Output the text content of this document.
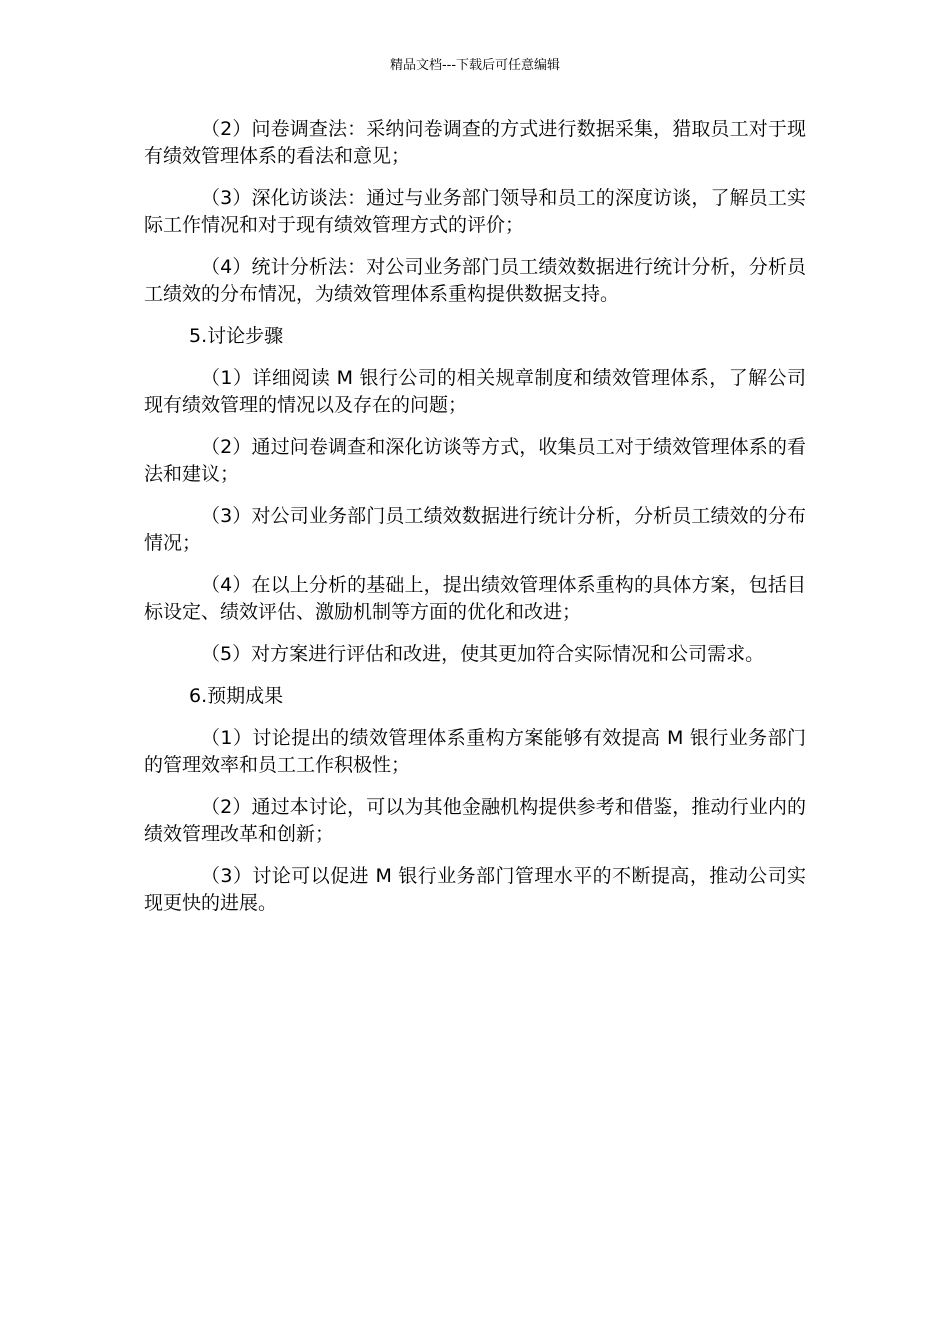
精品文档---下载后可任意编辑

（2）问卷调查法：采纳问卷调查的方式进行数据采集，猎取员工对于现有绩效管理体系的看法和意见；

（3）深化访谈法：通过与业务部门领导和员工的深度访谈，了解员工实际工作情况和对于现有绩效管理方式的评价；

（4）统计分析法：对公司业务部门员工绩效数据进行统计分析，分析员工绩效的分布情况，为绩效管理体系重构提供数据支持。

5.讨论步骤

（1）详细阅读 M 银行公司的相关规章制度和绩效管理体系，了解公司现有绩效管理的情况以及存在的问题；

（2）通过问卷调查和深化访谈等方式，收集员工对于绩效管理体系的看法和建议；

（3）对公司业务部门员工绩效数据进行统计分析，分析员工绩效的分布情况；

（4）在以上分析的基础上，提出绩效管理体系重构的具体方案，包括目标设定、绩效评估、激励机制等方面的优化和改进；

（5）对方案进行评估和改进，使其更加符合实际情况和公司需求。

6.预期成果

（1）讨论提出的绩效管理体系重构方案能够有效提高 M 银行业务部门的管理效率和员工工作积极性；

（2）通过本讨论，可以为其他金融机构提供参考和借鉴，推动行业内的绩效管理改革和创新；

（3）讨论可以促进 M 银行业务部门管理水平的不断提高，推动公司实现更快的进展。
